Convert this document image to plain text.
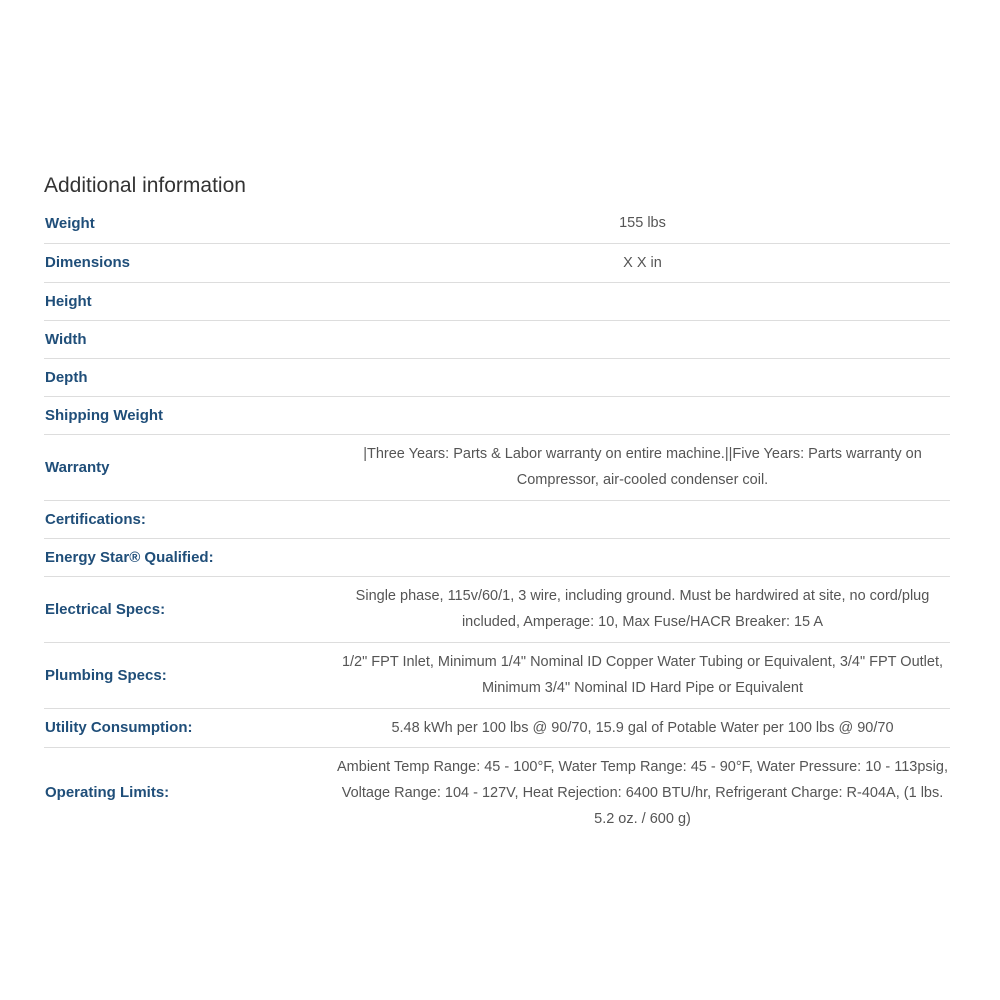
Additional information
Weight	155 lbs
Dimensions	X X in
Height	
Width	
Depth	
Shipping Weight	
Warranty	|Three Years: Parts & Labor warranty on entire machine.||Five Years: Parts warranty on Compressor, air-cooled condenser coil.
Certifications:	
Energy Star® Qualified:	
Electrical Specs:	Single phase, 115v/60/1, 3 wire, including ground. Must be hardwired at site, no cord/plug included, Amperage: 10, Max Fuse/HACR Breaker: 15 A
Plumbing Specs:	1/2" FPT Inlet, Minimum 1/4" Nominal ID Copper Water Tubing or Equivalent, 3/4" FPT Outlet, Minimum 3/4" Nominal ID Hard Pipe or Equivalent
Utility Consumption:	5.48 kWh per 100 lbs @ 90/70, 15.9 gal of Potable Water per 100 lbs @ 90/70
Operating Limits:	Ambient Temp Range: 45 - 100°F, Water Temp Range: 45 - 90°F, Water Pressure: 10 - 113psig, Voltage Range: 104 - 127V, Heat Rejection: 6400 BTU/hr, Refrigerant Charge: R-404A, (1 lbs. 5.2 oz. / 600 g)
